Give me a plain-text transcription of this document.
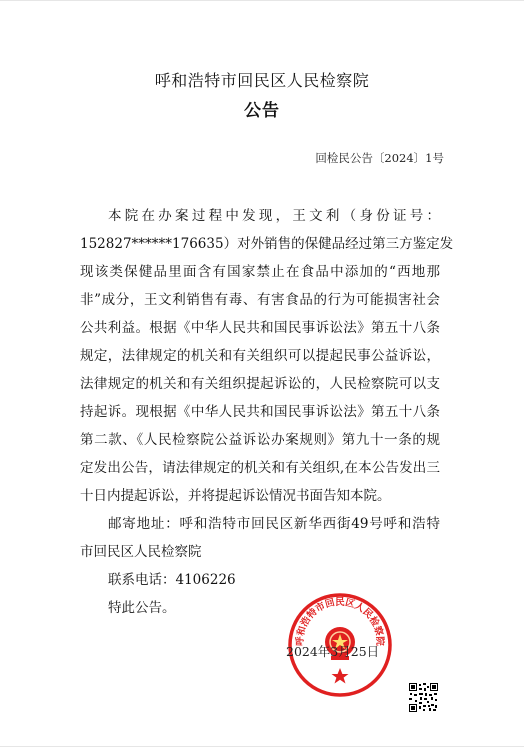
呼和浩特市回民区人民检察院
公告
回检民公告〔2024〕1号
本院在办案过程中发现，王文利（身份证号：
152827******176635）对外销售的保健品经过第三方鉴定发
现该类保健品里面含有国家禁止在食品中添加的“西地那
非”成分，王文利销售有毒、有害食品的行为可能损害社会
公共利益。根据《中华人民共和国民事诉讼法》第五十八条
规定，法律规定的机关和有关组织可以提起民事公益诉讼，
法律规定的机关和有关组织提起诉讼的，人民检察院可以支
持起诉。现根据《中华人民共和国民事诉讼法》第五十八条
第二款、《人民检察院公益诉讼办案规则》第九十一条的规
定发出公告，请法律规定的机关和有关组织,在本公告发出三
十日内提起诉讼，并将提起诉讼情况书面告知本院。
邮寄地址：呼和浩特市回民区新华西街49号呼和浩特
市回民区人民检察院
联系电话：4106226
特此公告。
呼和浩特市回民区人民检察院
2024年3月25日
